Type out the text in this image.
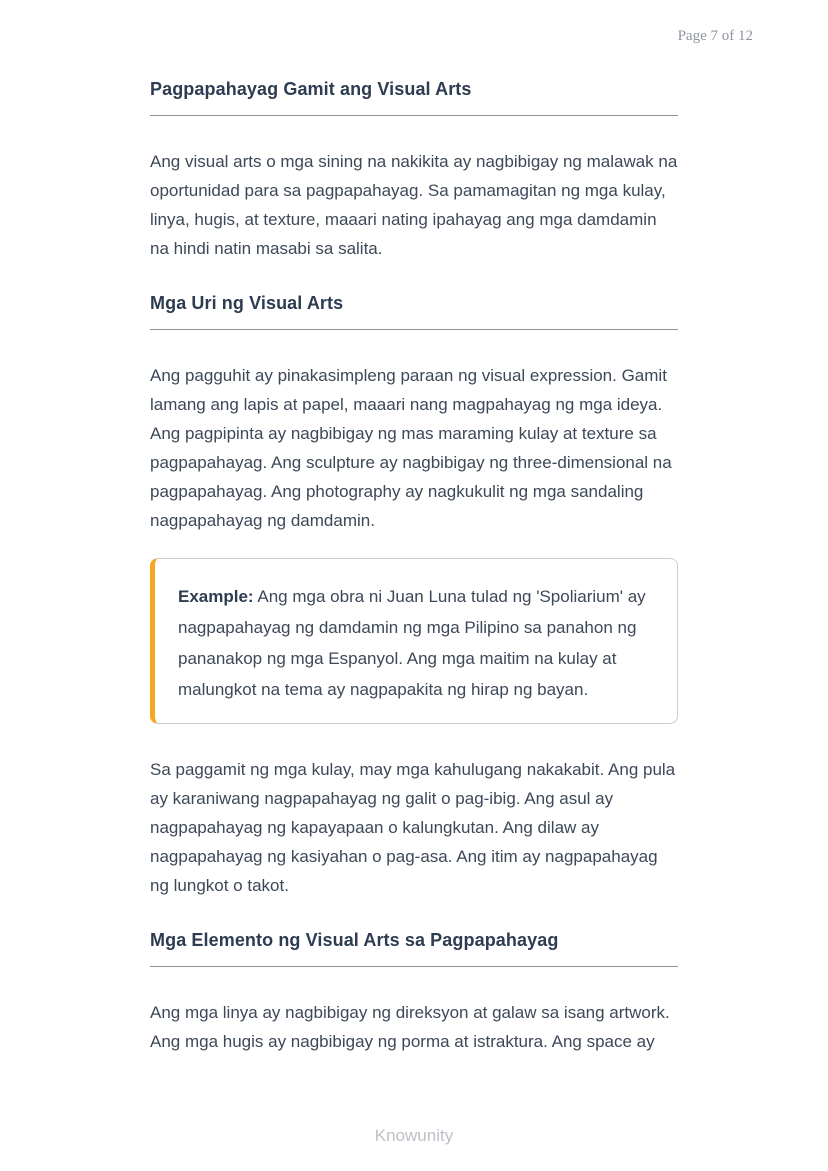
Page 7 of 12
Pagpapahayag Gamit ang Visual Arts

Ang visual arts o mga sining na nakikita ay nagbibigay ng malawak na oportunidad para sa pagpapahayag. Sa pamamagitan ng mga kulay, linya, hugis, at texture, maaari nating ipahayag ang mga damdamin na hindi natin masabi sa salita.

Mga Uri ng Visual Arts

Ang pagguhit ay pinakasimpleng paraan ng visual expression. Gamit lamang ang lapis at papel, maaari nang magpahayag ng mga ideya. Ang pagpipinta ay nagbibigay ng mas maraming kulay at texture sa pagpapahayag. Ang sculpture ay nagbibigay ng three-dimensional na pagpapahayag. Ang photography ay nagkukulit ng mga sandaling nagpapahayag ng damdamin.

Example: Ang mga obra ni Juan Luna tulad ng 'Spoliarium' ay nagpapahayag ng damdamin ng mga Pilipino sa panahon ng pananakop ng mga Espanyol. Ang mga maitim na kulay at malungkot na tema ay nagpapakita ng hirap ng bayan.

Sa paggamit ng mga kulay, may mga kahulugang nakakabit. Ang pula ay karaniwang nagpapahayag ng galit o pag-ibig. Ang asul ay nagpapahayag ng kapayapaan o kalungkutan. Ang dilaw ay nagpapahayag ng kasiyahan o pag-asa. Ang itim ay nagpapahayag ng lungkot o takot.

Mga Elemento ng Visual Arts sa Pagpapahayag

Ang mga linya ay nagbibigay ng direksyon at galaw sa isang artwork. Ang mga hugis ay nagbibigay ng porma at istraktura. Ang space ay

Knowunity
